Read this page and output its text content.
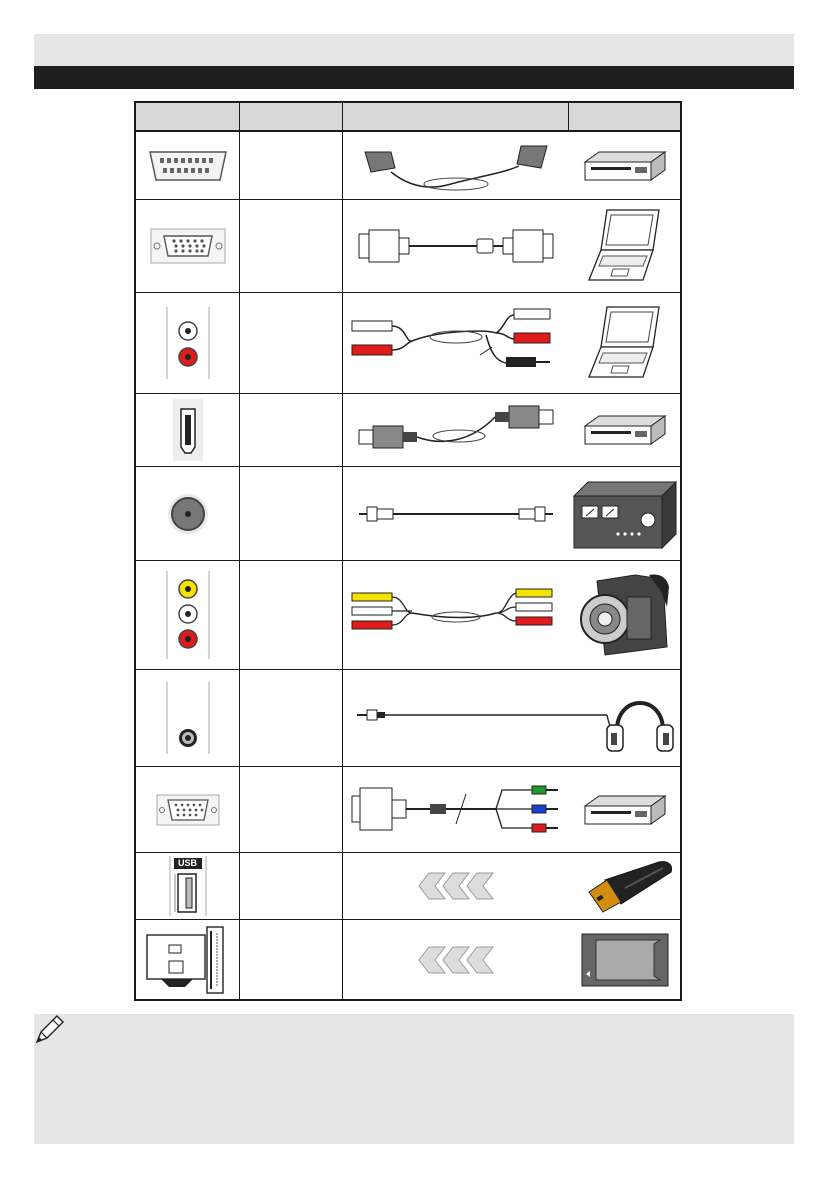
USB
